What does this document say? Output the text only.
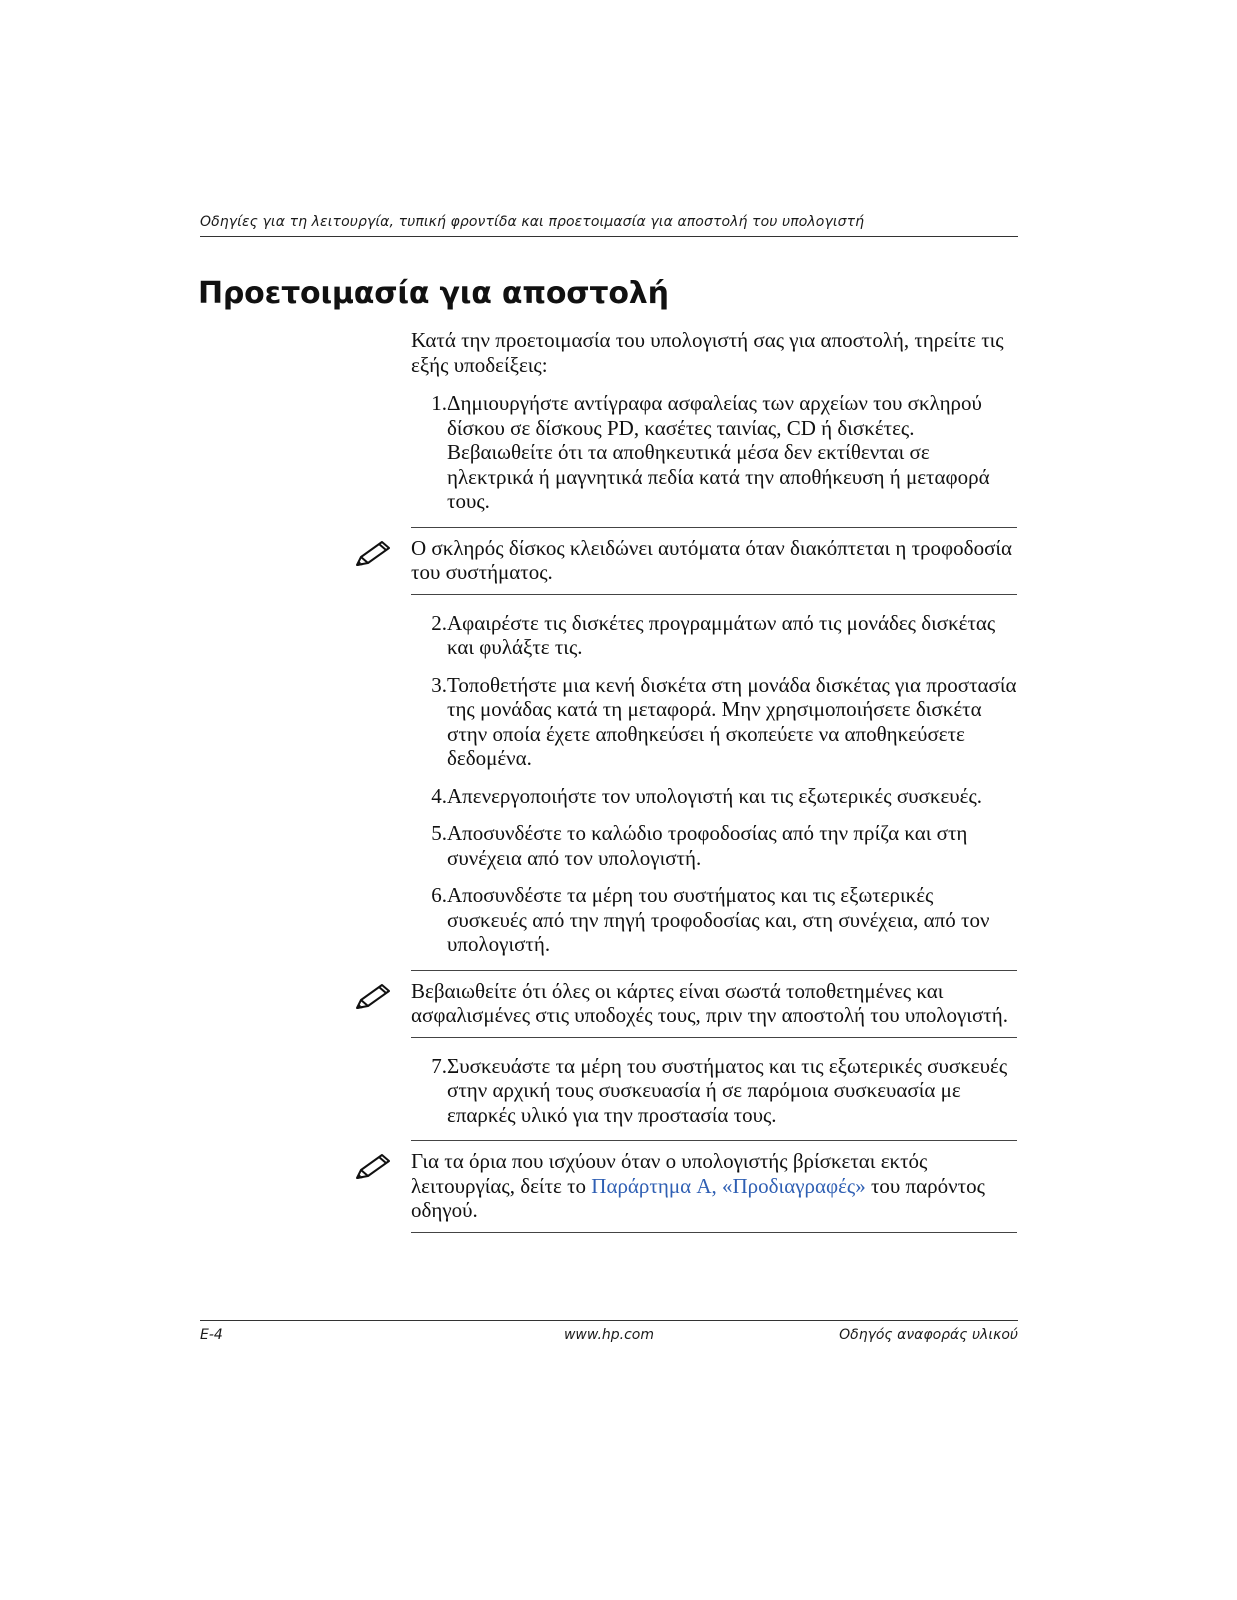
Οδηγίες για τη λειτουργία, τυπική φροντίδα και προετοιμασία για αποστολή του υπολογιστή
Προετοιμασία για αποστολή

Κατά την προετοιμασία του υπολογιστή σας για αποστολή, τηρείτε τις εξής υποδείξεις:

1. Δημιουργήστε αντίγραφα ασφαλείας των αρχείων του σκληρού δίσκου σε δίσκους PD, κασέτες ταινίας, CD ή δισκέτες. Βεβαιωθείτε ότι τα αποθηκευτικά μέσα δεν εκτίθενται σε ηλεκτρικά ή μαγνητικά πεδία κατά την αποθήκευση ή μεταφορά τους.

Ο σκληρός δίσκος κλειδώνει αυτόματα όταν διακόπτεται η τροφοδοσία του συστήματος.

2. Αφαιρέστε τις δισκέτες προγραμμάτων από τις μονάδες δισκέτας και φυλάξτε τις.
3. Τοποθετήστε μια κενή δισκέτα στη μονάδα δισκέτας για προστασία της μονάδας κατά τη μεταφορά. Μην χρησιμοποιήσετε δισκέτα στην οποία έχετε αποθηκεύσει ή σκοπεύετε να αποθηκεύσετε δεδομένα.
4. Απενεργοποιήστε τον υπολογιστή και τις εξωτερικές συσκευές.
5. Αποσυνδέστε το καλώδιο τροφοδοσίας από την πρίζα και στη συνέχεια από τον υπολογιστή.
6. Αποσυνδέστε τα μέρη του συστήματος και τις εξωτερικές συσκευές από την πηγή τροφοδοσίας και, στη συνέχεια, από τον υπολογιστή.

Βεβαιωθείτε ότι όλες οι κάρτες είναι σωστά τοποθετημένες και ασφαλισμένες στις υποδοχές τους, πριν την αποστολή του υπολογιστή.

7. Συσκευάστε τα μέρη του συστήματος και τις εξωτερικές συσκευές στην αρχική τους συσκευασία ή σε παρόμοια συσκευασία με επαρκές υλικό για την προστασία τους.

Για τα όρια που ισχύουν όταν ο υπολογιστής βρίσκεται εκτός λειτουργίας, δείτε το Παράρτημα A, «Προδιαγραφές» του παρόντος οδηγού.

E-4	www.hp.com	Οδηγός αναφοράς υλικού
